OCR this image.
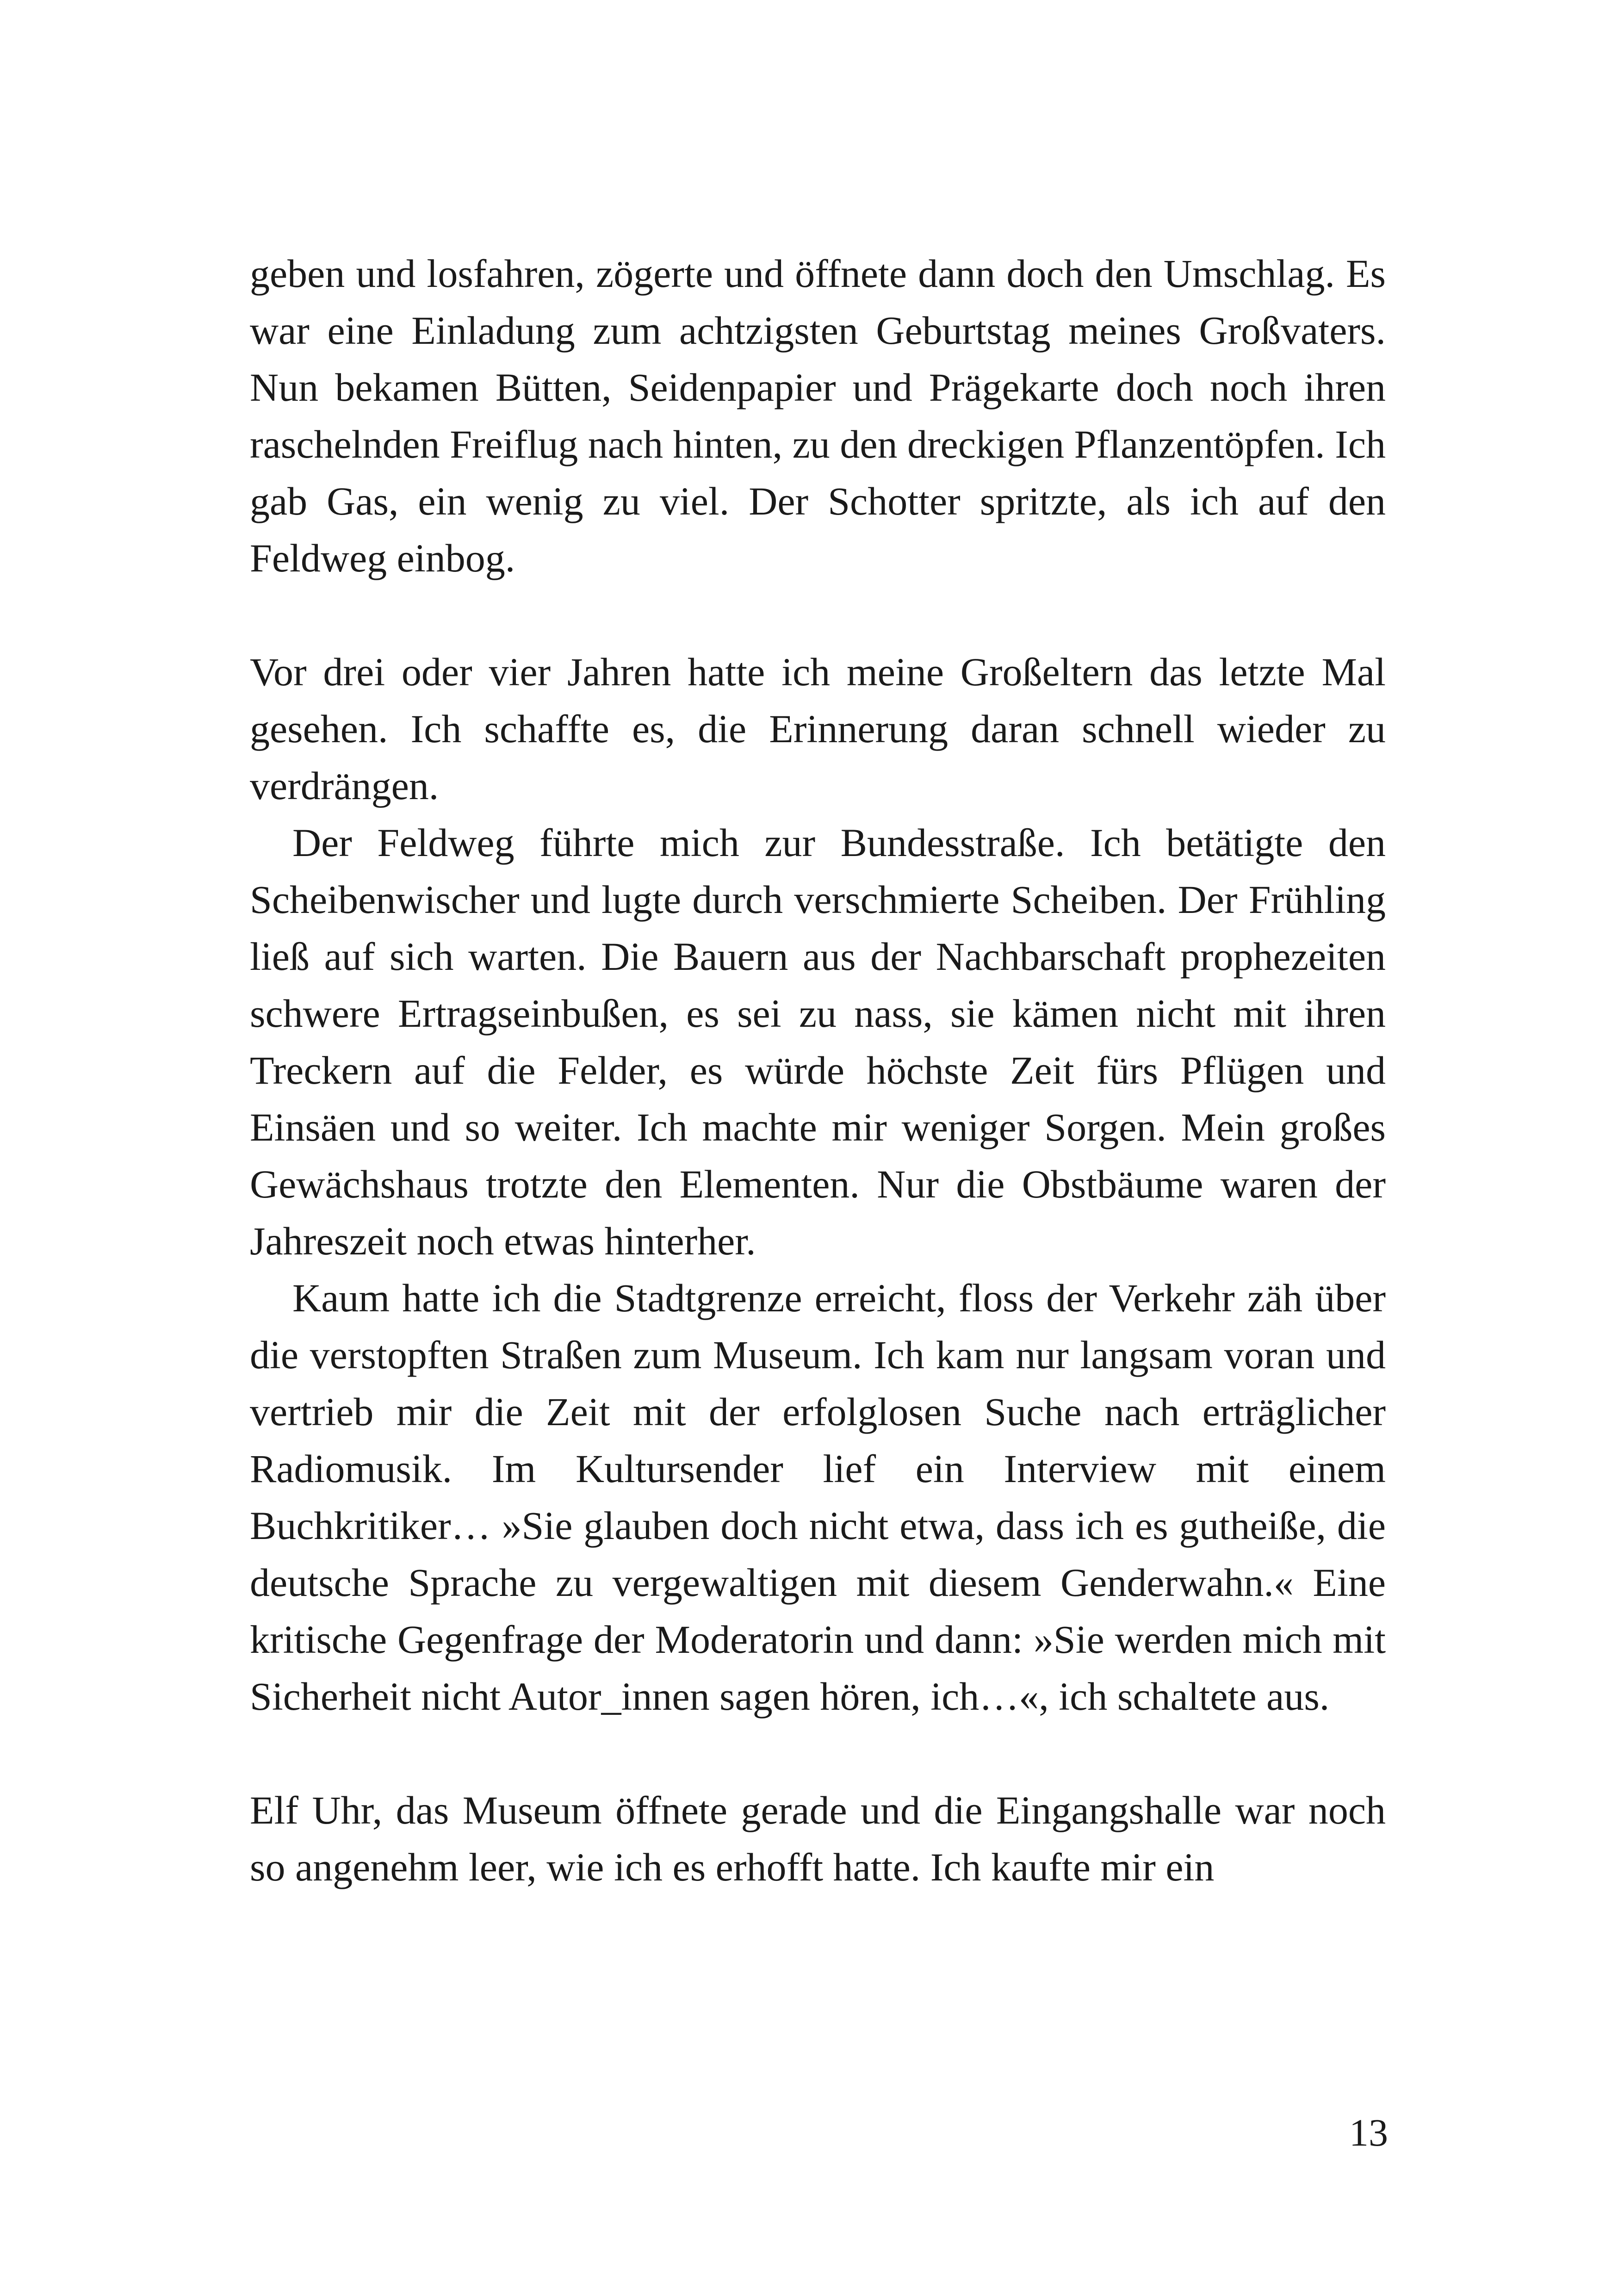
geben und losfahren, zögerte und öffnete dann doch den Umschlag. Es war eine Einladung zum achtzigsten Geburtstag meines Großvaters. Nun bekamen Bütten, Seidenpapier und Prägekarte doch noch ihren raschelnden Freiflug nach hinten, zu den dreckigen Pflanzentöpfen. Ich gab Gas, ein wenig zu viel. Der Schotter spritzte, als ich auf den Feldweg einbog.

Vor drei oder vier Jahren hatte ich meine Großeltern das letzte Mal gesehen. Ich schaffte es, die Erinnerung daran schnell wieder zu verdrängen.

Der Feldweg führte mich zur Bundesstraße. Ich betätigte den Scheibenwischer und lugte durch verschmierte Scheiben. Der Frühling ließ auf sich warten. Die Bauern aus der Nachbarschaft prophezeiten schwere Ertragseinbußen, es sei zu nass, sie kämen nicht mit ihren Treckern auf die Felder, es würde höchste Zeit fürs Pflügen und Einsäen und so weiter. Ich machte mir weniger Sorgen. Mein großes Gewächshaus trotzte den Elementen. Nur die Obstbäume waren der Jahreszeit noch etwas hinterher.

Kaum hatte ich die Stadtgrenze erreicht, floss der Verkehr zäh über die verstopften Straßen zum Museum. Ich kam nur langsam voran und vertrieb mir die Zeit mit der erfolglosen Suche nach erträglicher Radiomusik. Im Kultursender lief ein Interview mit einem Buchkritiker… »Sie glauben doch nicht etwa, dass ich es gutheiße, die deutsche Sprache zu vergewaltigen mit diesem Genderwahn.« Eine kritische Gegenfrage der Moderatorin und dann: »Sie werden mich mit Sicherheit nicht Autor_innen sagen hören, ich…«, ich schaltete aus.

Elf Uhr, das Museum öffnete gerade und die Eingangshalle war noch so angenehm leer, wie ich es erhofft hatte. Ich kaufte mir ein

13
